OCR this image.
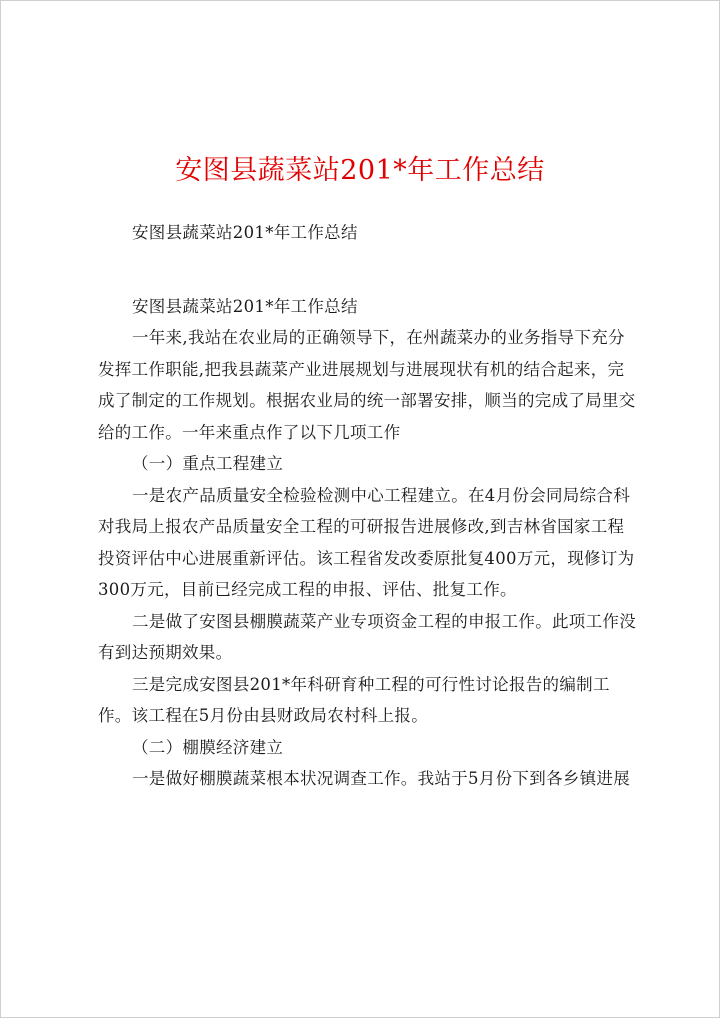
安图县蔬菜站201*年工作总结

安图县蔬菜站201*年工作总结

安图县蔬菜站201*年工作总结

一年来,我站在农业局的正确领导下，在州蔬菜办的业务指导下充分发挥工作职能,把我县蔬菜产业进展规划与进展现状有机的结合起来，完成了制定的工作规划。根据农业局的统一部署安排，顺当的完成了局里交给的工作。一年来重点作了以下几项工作

（一）重点工程建立

一是农产品质量安全检验检测中心工程建立。在4月份会同局综合科对我局上报农产品质量安全工程的可研报告进展修改,到吉林省国家工程投资评估中心进展重新评估。该工程省发改委原批复400万元，现修订为300万元，目前已经完成工程的申报、评估、批复工作。

二是做了安图县棚膜蔬菜产业专项资金工程的申报工作。此项工作没有到达预期效果。

三是完成安图县201*年科研育种工程的可行性讨论报告的编制工作。该工程在5月份由县财政局农村科上报。

（二）棚膜经济建立

一是做好棚膜蔬菜根本状况调查工作。我站于5月份下到各乡镇进展
